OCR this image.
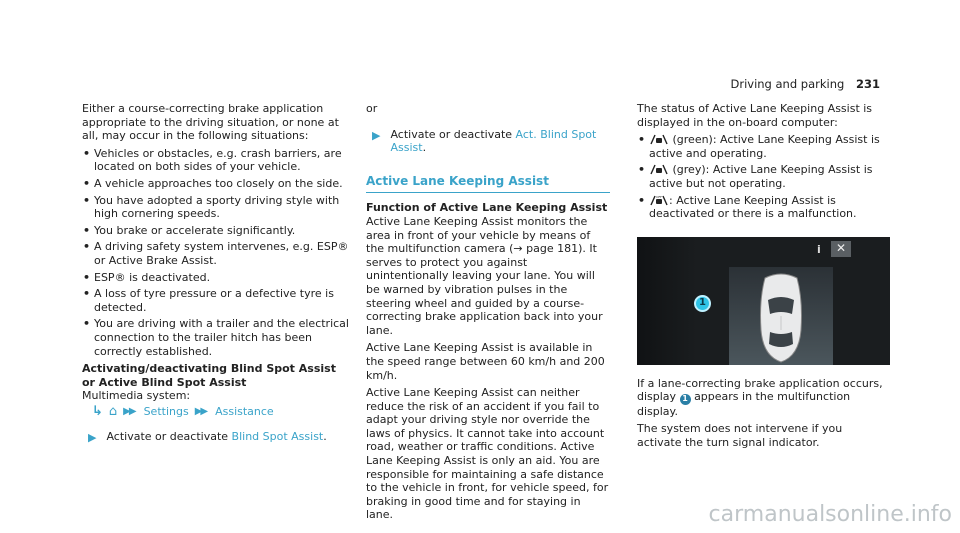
Driving and parking 231

Either a course-correcting brake application appropriate to the driving situation, or none at all, may occur in the following situations:

• Vehicles or obstacles, e.g. crash barriers, are located on both sides of your vehicle.
• A vehicle approaches too closely on the side.
• You have adopted a sporty driving style with high cornering speeds.
• You brake or accelerate significantly.
• A driving safety system intervenes, e.g. ESP® or Active Brake Assist.
• ESP® is deactivated.
• A loss of tyre pressure or a defective tyre is detected.
• You are driving with a trailer and the electrical connection to the trailer hitch has been correctly established.

Activating/deactivating Blind Spot Assist or Active Blind Spot Assist

Multimedia system:

↳ ⌂ ▶▶ Settings ▶▶ Assistance
▶ Activate or deactivate Blind Spot Assist.

or

▶ Activate or deactivate Act. Blind Spot Assist.
Active Lane Keeping Assist

Function of Active Lane Keeping Assist

Active Lane Keeping Assist monitors the area in front of your vehicle by means of the multifunction camera (→ page 181). It serves to protect you against unintentionally leaving your lane. You will be warned by vibration pulses in the steering wheel and guided by a course-correcting brake application back into your lane.

Active Lane Keeping Assist is available in the speed range between 60 km/h and 200 km/h.

Active Lane Keeping Assist can neither reduce the risk of an accident if you fail to adapt your driving style nor override the laws of physics. It cannot take into account road, weather or traffic conditions. Active Lane Keeping Assist is only an aid. You are responsible for maintaining a safe distance to the vehicle in front, for vehicle speed, for braking in good time and for staying in lane.

The status of Active Lane Keeping Assist is displayed in the on-board computer:

• (green): Active Lane Keeping Assist is active and operating.
• (grey): Active Lane Keeping Assist is active but not operating.
•	OFF : Active Lane Keeping Assist is deactivated or there is a malfunction.
1
i	✕

If a lane-correcting brake application occurs, display 1 appears in the multifunction display.

The system does not intervene if you activate the turn signal indicator.

carmanualsonline.info
